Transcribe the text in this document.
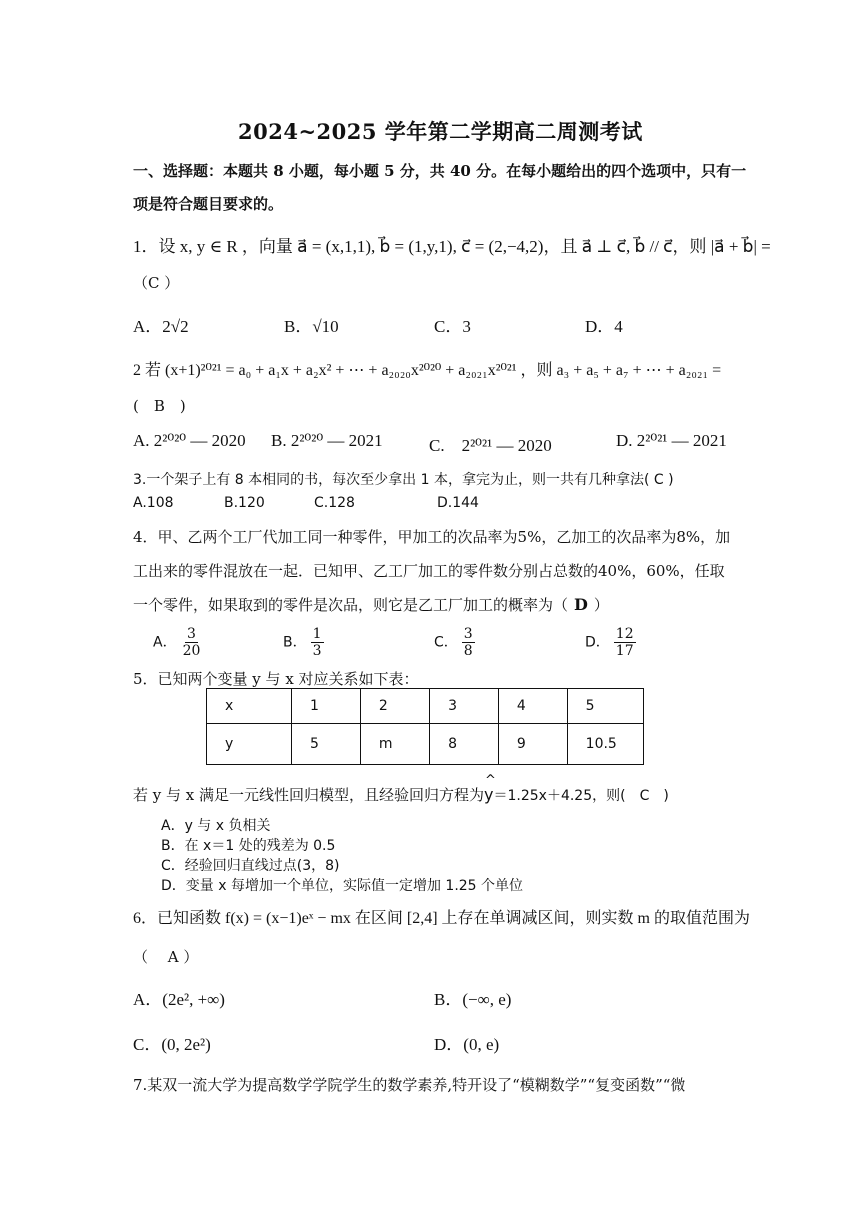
2024~2025 学年第二学期高二周测考试
一、选择题：本题共 8 小题，每小题 5 分，共 40 分。在每小题给出的四个选项中，只有一
项是符合题目要求的。
1．设 x, y ∈ R ，向量 a⃗ = (x,1,1), b⃗ = (1,y,1), c⃗ = (2,−4,2)，且 a⃗ ⊥ c⃗, b⃗ // c⃗，则 |a⃗ + b⃗| =
（C ）
A．2√2	B．√10	C．3	D．4
2 若 (x+1)²⁰²¹ = a₀ + a₁x + a₂x² + ⋯ + a₂₀₂₀x²⁰²⁰ + a₂₀₂₁x²⁰²¹ ，则 a₃ + a₅ + a₇ + ⋯ + a₂₀₂₁ =
(　B　)
A. 2²⁰²⁰ — 2020 B. 2²⁰²⁰ — 2021	C.　2²⁰²¹ — 2020	D. 2²⁰²¹ — 2021
3.一个架子上有 8 本相同的书，每次至少拿出 1 本，拿完为止，则一共有几种拿法( C )
A.108	B.120	C.128	D.144
4．甲、乙两个工厂代加工同一种零件，甲加工的次品率为5%，乙加工的次品率为8%，加
工出来的零件混放在一起．已知甲、乙工厂加工的零件数分别占总数的40%，60%，任取
一个零件，如果取到的零件是次品，则它是乙工厂加工的概率为（ D ）
A． $\frac{3}{20}$	B． $\frac{1}{3}$	C． $\frac{3}{8}$	D． $\frac{12}{17}$
5．已知两个变量 y 与 x 对应关系如下表：
x	1	2	3	4	5
y	5	m	8	9	10.5
若 y 与 x 满足一元线性回归模型，且经验回归方程为^ y＝1.25x＋4.25，则(　C　)
A．y 与 x 负相关
B．在 x＝1 处的残差为 0.5
C．经验回归直线过点(3，8)
D．变量 x 每增加一个单位，实际值一定增加 1.25 个单位
6．已知函数 f(x) = (x−1)eˣ − mx 在区间 [2,4] 上存在单调减区间，则实数 m 的取值范围为
（　 A ）
A．(2e², +∞)	B．(−∞, e)
C．(0, 2e²)	D．(0, e)
7.某双一流大学为提高数学学院学生的数学素养,特开设了“模糊数学”“复变函数”“微
